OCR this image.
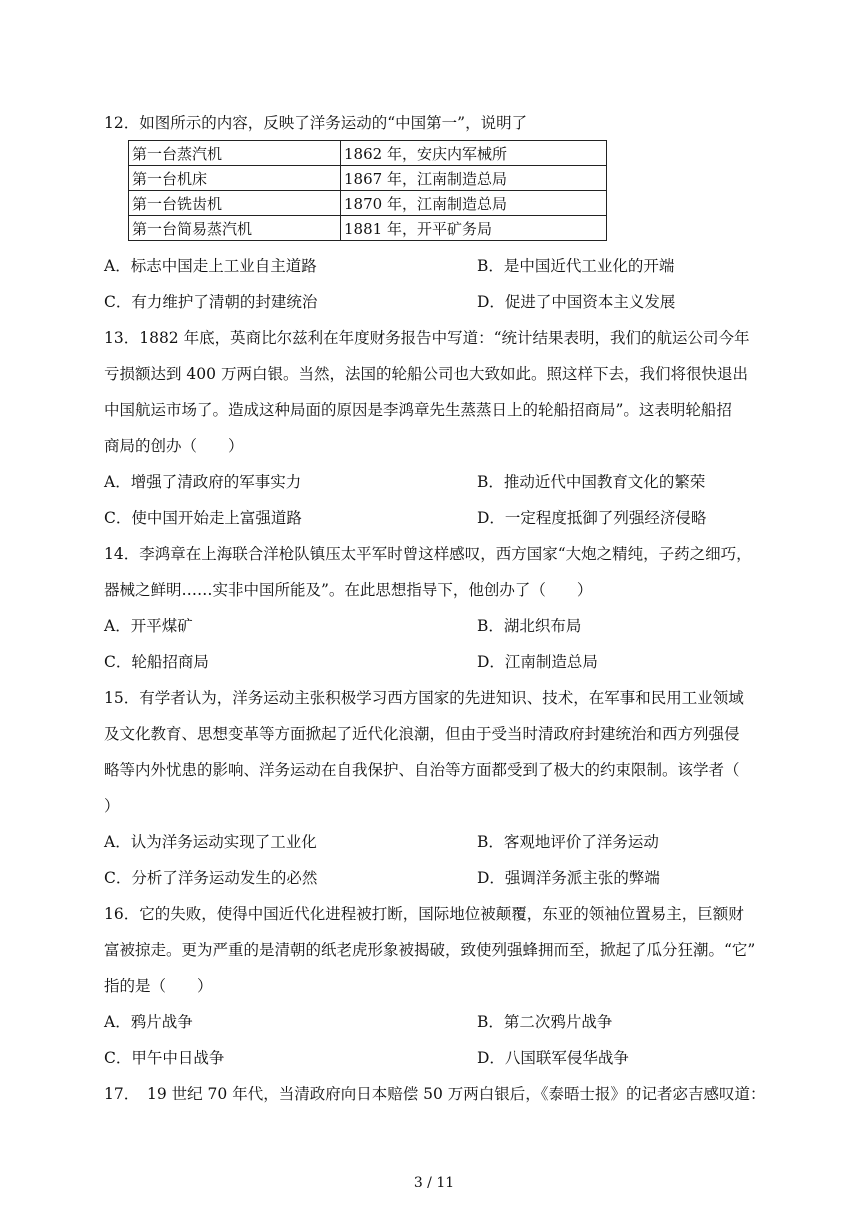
12．如图所示的内容，反映了洋务运动的“中国第一”，说明了
第一台蒸汽机	1862 年，安庆内军械所
第一台机床	1867 年，江南制造总局
第一台铣齿机	1870 年，江南制造总局
第一台简易蒸汽机	1881 年，开平矿务局
A．标志中国走上工业自主道路	B．是中国近代工业化的开端
C．有力维护了清朝的封建统治	D．促进了中国资本主义发展
13．1882 年底，英商比尔兹利在年度财务报告中写道：“统计结果表明，我们的航运公司今年
亏损额达到 400 万两白银。当然，法国的轮船公司也大致如此。照这样下去，我们将很快退出
中国航运市场了。造成这种局面的原因是李鸿章先生蒸蒸日上的轮船招商局”。这表明轮船招
商局的创办（　　）
A．增强了清政府的军事实力	B．推动近代中国教育文化的繁荣
C．使中国开始走上富强道路	D．一定程度抵御了列强经济侵略
14．李鸿章在上海联合洋枪队镇压太平军时曾这样感叹，西方国家“大炮之精纯，子药之细巧，
器械之鲜明……实非中国所能及”。在此思想指导下，他创办了（　　）
A．开平煤矿	B．湖北织布局
C．轮船招商局	D．江南制造总局
15．有学者认为，洋务运动主张积极学习西方国家的先进知识、技术，在军事和民用工业领域
及文化教育、思想变革等方面掀起了近代化浪潮，但由于受当时清政府封建统治和西方列强侵
略等内外忧患的影响、洋务运动在自我保护、自治等方面都受到了极大的约束限制。该学者（
）
A．认为洋务运动实现了工业化	B．客观地评价了洋务运动
C．分析了洋务运动发生的必然	D．强调洋务派主张的弊端
16．它的失败，使得中国近代化进程被打断，国际地位被颠覆，东亚的领袖位置易主，巨额财
富被掠走。更为严重的是清朝的纸老虎形象被揭破，致使列强蜂拥而至，掀起了瓜分狂潮。“它”
指的是（　　）
A．鸦片战争	B．第二次鸦片战争
C．甲午中日战争	D．八国联军侵华战争
17．　19 世纪 70 年代，当清政府向日本赔偿 50 万两白银后，《泰晤士报》的记者宓吉感叹道：
3 / 11
